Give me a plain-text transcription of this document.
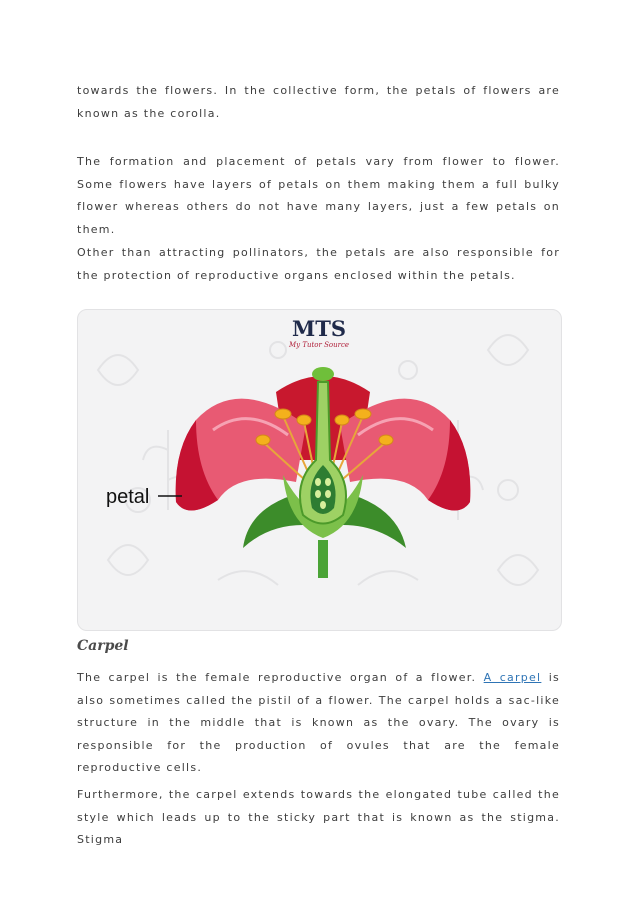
towards the flowers. In the collective form, the petals of flowers are known as the corolla.

The formation and placement of petals vary from flower to flower. Some flowers have layers of petals on them making them a full bulky flower whereas others do not have many layers, just a few petals on them.

Other than attracting pollinators, the petals are also responsible for the protection of reproductive organs enclosed within the petals.

MTS
My Tutor Source
petal
Carpel

The carpel is the female reproductive organ of a flower. A carpel is also sometimes called the pistil of a flower. The carpel holds a sac-like structure in the middle that is known as the ovary. The ovary is responsible for the production of ovules that are the female reproductive cells.

Furthermore, the carpel extends towards the elongated tube called the style which leads up to the sticky part that is known as the stigma. Stigma
